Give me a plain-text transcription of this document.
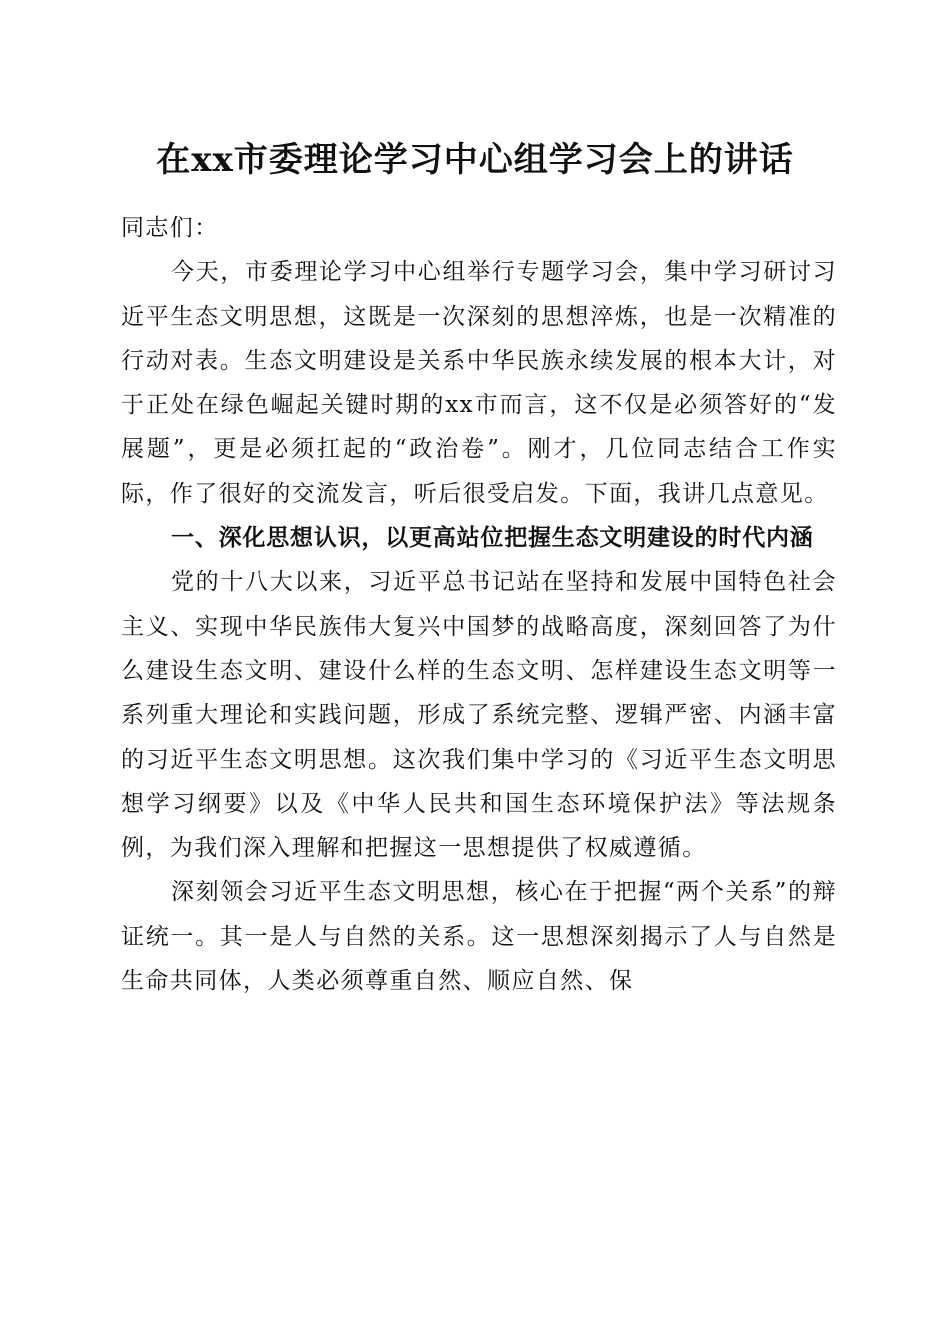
在xx市委理论学习中心组学习会上的讲话

同志们：

今天，市委理论学习中心组举行专题学习会，集中学习研讨习近平生态文明思想，这既是一次深刻的思想淬炼，也是一次精准的行动对表。生态文明建设是关系中华民族永续发展的根本大计，对于正处在绿色崛起关键时期的xx市而言，这不仅是必须答好的“发展题”，更是必须扛起的“政治卷”。刚才，几位同志结合工作实际，作了很好的交流发言，听后很受启发。下面，我讲几点意见。

一、深化思想认识，以更高站位把握生态文明建设的时代内涵

党的十八大以来，习近平总书记站在坚持和发展中国特色社会主义、实现中华民族伟大复兴中国梦的战略高度，深刻回答了为什么建设生态文明、建设什么样的生态文明、怎样建设生态文明等一系列重大理论和实践问题，形成了系统完整、逻辑严密、内涵丰富的习近平生态文明思想。这次我们集中学习的《习近平生态文明思想学习纲要》以及《中华人民共和国生态环境保护法》等法规条例，为我们深入理解和把握这一思想提供了权威遵循。

深刻领会习近平生态文明思想，核心在于把握“两个关系”的辩证统一。其一是人与自然的关系。这一思想深刻揭示了人与自然是生命共同体，人类必须尊重自然、顺应自然、保
